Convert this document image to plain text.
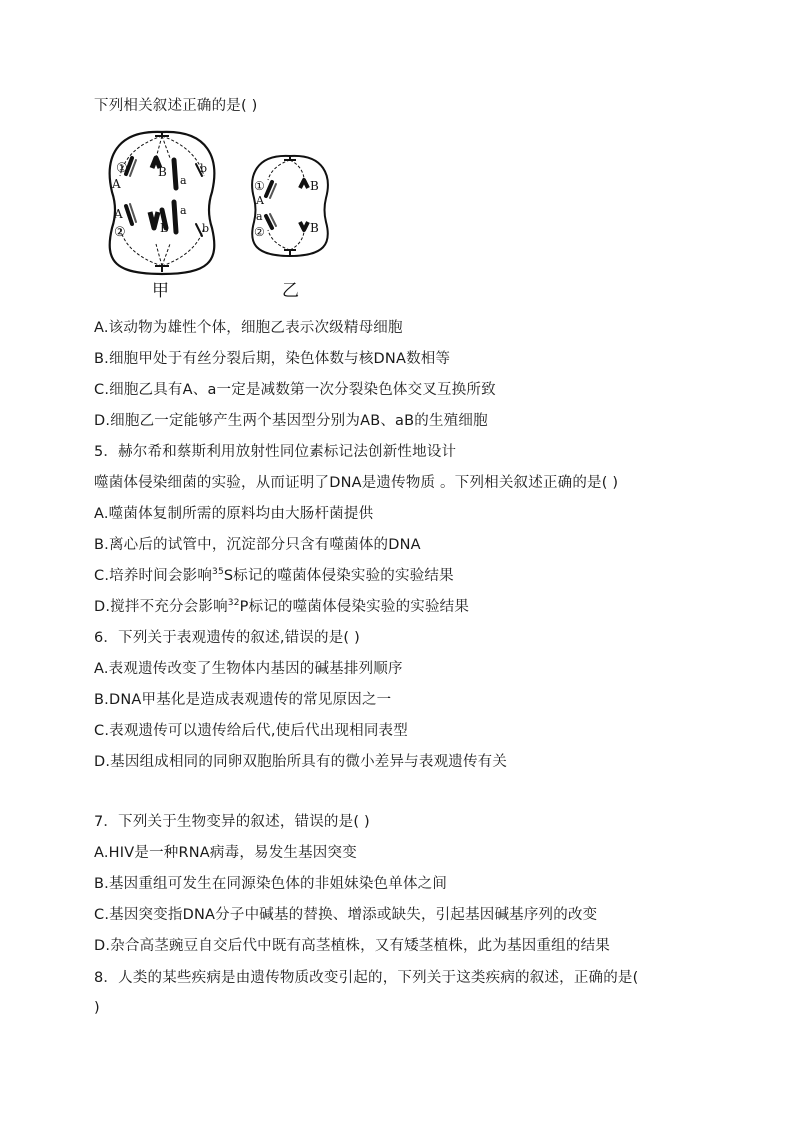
下列相关叙述正确的是( )
①
A
B
a
b
A	a
B	b
②
甲
①
A
B
a
②	B
乙
A.该动物为雄性个体，细胞乙表示次级精母细胞
B.细胞甲处于有丝分裂后期，染色体数与核DNA数相等
C.细胞乙具有A、a一定是减数第一次分裂染色体交叉互换所致
D.细胞乙一定能够产生两个基因型分别为AB、aB的生殖细胞
5．赫尔希和蔡斯利用放射性同位素标记法创新性地设计
噬菌体侵染细菌的实验，从而证明了DNA是遗传物质 。下列相关叙述正确的是( )
A.噬菌体复制所需的原料均由大肠杆菌提供
B.离心后的试管中，沉淀部分只含有噬菌体的DNA
C.培养时间会影响$^{35}$S标记的噬菌体侵染实验的实验结果
D.搅拌不充分会影响$^{32}$P标记的噬菌体侵染实验的实验结果
6．下列关于表观遗传的叙述,错误的是( )
A.表观遗传改变了生物体内基因的碱基排列顺序
B.DNA甲基化是造成表观遗传的常见原因之一
C.表观遗传可以遗传给后代,使后代出现相同表型
D.基因组成相同的同卵双胞胎所具有的微小差异与表观遗传有关
7．下列关于生物变异的叙述，错误的是( )
A.HIV是一种RNA病毒，易发生基因突变
B.基因重组可发生在同源染色体的非姐妹染色单体之间
C.基因突变指DNA分子中碱基的替换、增添或缺失，引起基因碱基序列的改变
D.杂合高茎豌豆自交后代中既有高茎植株，又有矮茎植株，此为基因重组的结果
8．人类的某些疾病是由遗传物质改变引起的，下列关于这类疾病的叙述，正确的是(
)
